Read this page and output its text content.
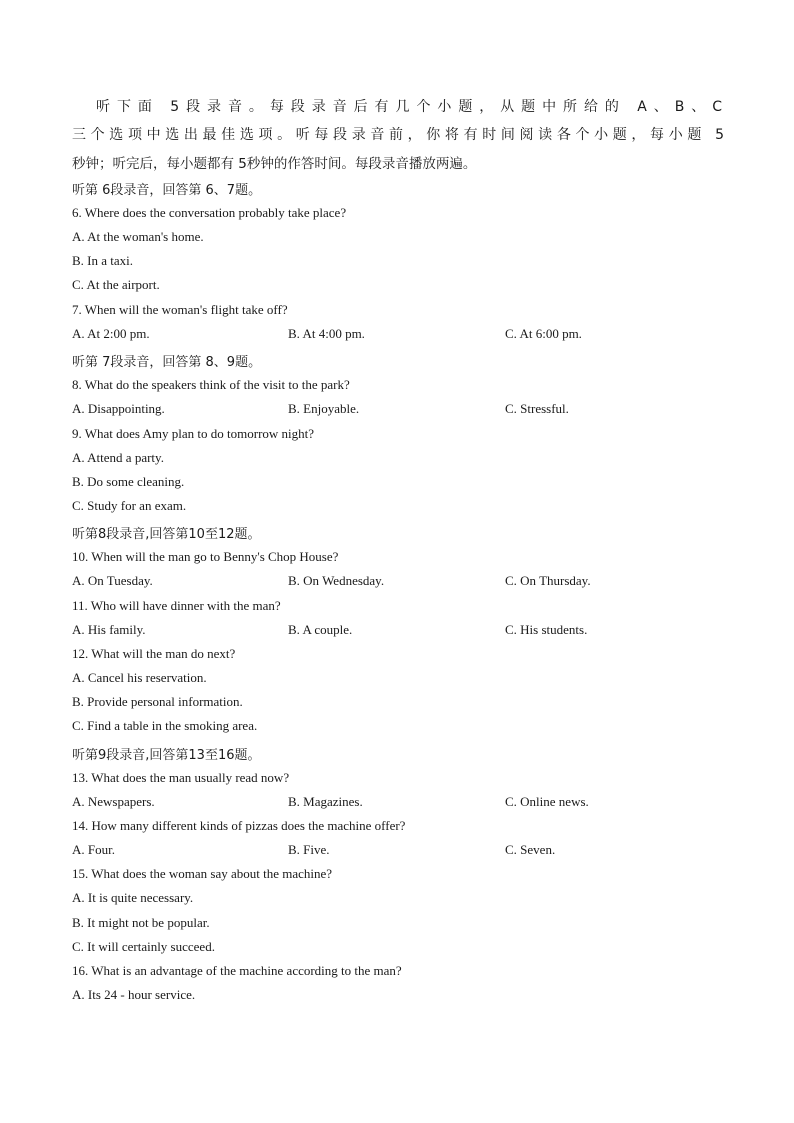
听下面 5段录音。每段录音后有几个小题，从题中所给的 A、B、C
三个选项中选出最佳选项。听每段录音前，你将有时间阅读各个小题，每小题 5
秒钟；听完后，每小题都有 5秒钟的作答时间。每段录音播放两遍。
听第 6段录音，回答第 6、7题。
6. Where does the conversation probably take place?
A. At the woman's home.
B. In a taxi.
C. At the airport.
7. When will the woman's flight take off?
A. At 2:00 pm.	B. At 4:00 pm.	C. At 6:00 pm.
听第 7段录音，回答第 8、9题。
8. What do the speakers think of the visit to the park?
A. Disappointing.	B. Enjoyable.	C. Stressful.
9. What does Amy plan to do tomorrow night?
A. Attend a party.
B. Do some cleaning.
C. Study for an exam.
听第8段录音,回答第10至12题。
10. When will the man go to Benny's Chop House?
A. On Tuesday.	B. On Wednesday.	C. On Thursday.
11. Who will have dinner with the man?
A. His family.	B. A couple.	C. His students.
12. What will the man do next?
A. Cancel his reservation.
B. Provide personal information.
C. Find a table in the smoking area.
听第9段录音,回答第13至16题。
13. What does the man usually read now?
A. Newspapers.	B. Magazines.	C. Online news.
14. How many different kinds of pizzas does the machine offer?
A. Four.	B. Five.	C. Seven.
15. What does the woman say about the machine?
A. It is quite necessary.
B. It might not be popular.
C. It will certainly succeed.
16. What is an advantage of the machine according to the man?
A. Its 24 - hour service.
